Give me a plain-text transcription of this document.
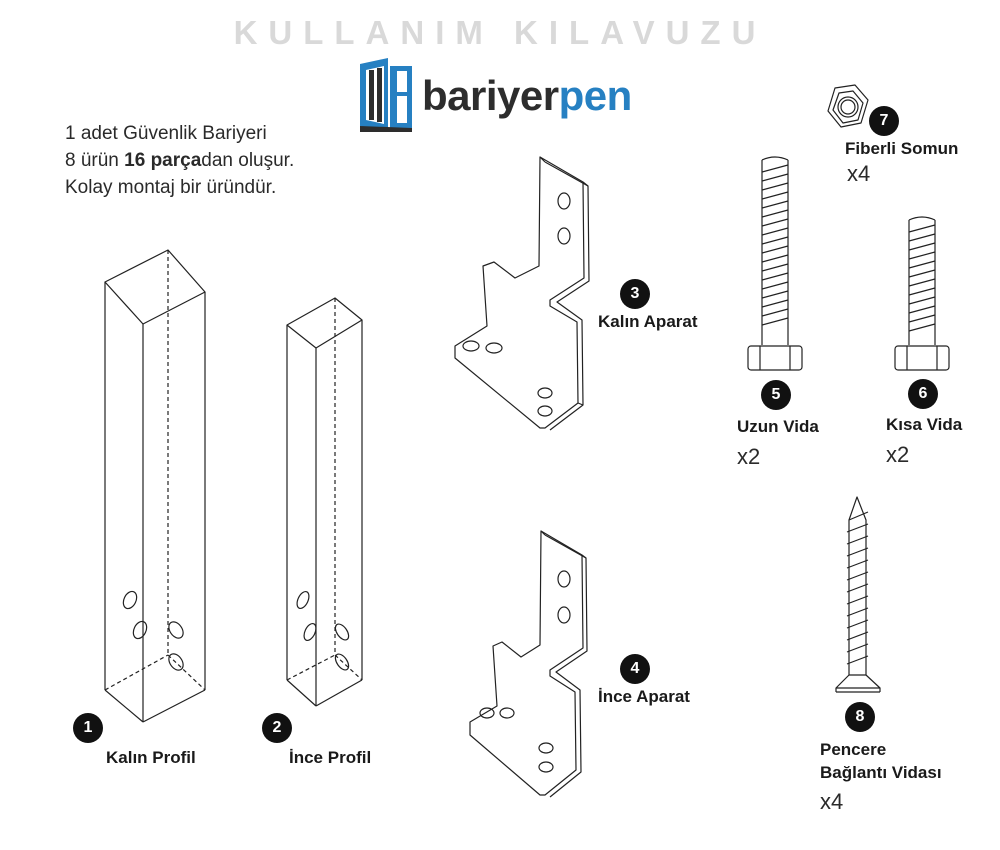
KULLANIM KILAVUZU
bariyerpen
1 adet Güvenlik Bariyeri
8 ürün 16 parçadan oluşur.
Kolay montaj bir üründür.
1
Kalın Profil
2
İnce Profil
3
Kalın Aparat
4
İnce Aparat
5
Uzun Vida
x2
6
Kısa Vida
x2
7
Fiberli Somun
x4
8
Pencere
Bağlantı Vidası
x4
